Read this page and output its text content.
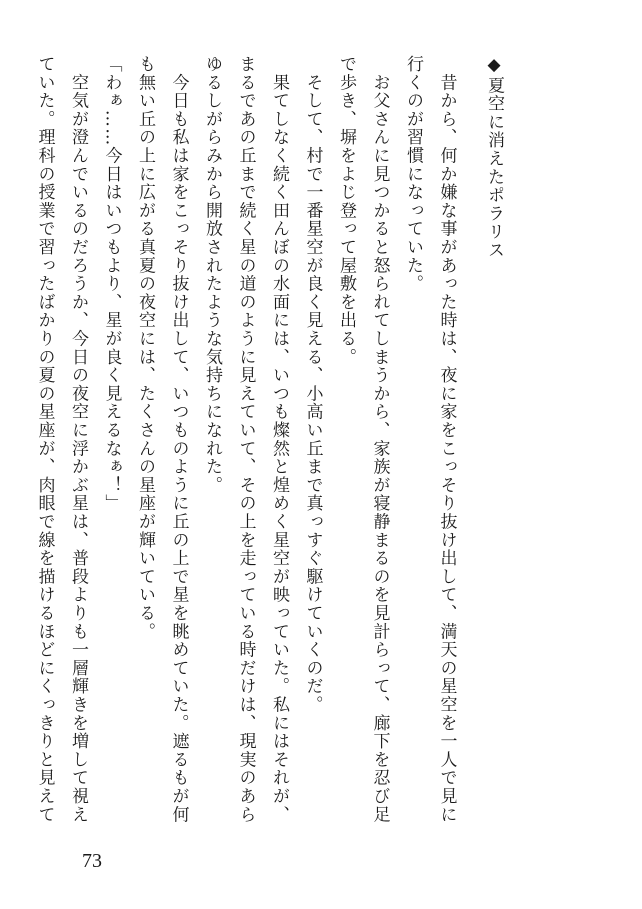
◆夏空に消えたポラリス

　昔から、何か嫌な事があった時は、夜に家をこっそり抜け出して、満天の星空を一人で見に行くのが習慣になっていた。

　お父さんに見つかると怒られてしまうから、家族が寝静まるのを見計らって、廊下を忍び足で歩き、塀をよじ登って屋敷を出る。

　そして、村で一番星空が良く見える、小高い丘まで真っすぐ駆けていくのだ。

　果てしなく続く田んぼの水面には、いつも燦然と煌めく星空が映っていた。私にはそれが、まるであの丘まで続く星の道のように見えていて、その上を走っている時だけは、現実のあらゆるしがらみから開放されたような気持ちになれた。

　今日も私は家をこっそり抜け出して、いつものように丘の上で星を眺めていた。遮るもが何も無い丘の上に広がる真夏の夜空には、たくさんの星座が輝いている。

「わぁ……今日はいつもより、星が良く見えるなぁ！」

　空気が澄んでいるのだろうか、今日の夜空に浮かぶ星は、普段よりも一層輝きを増して視えていた。理科の授業で習ったばかりの夏の星座が、肉眼で線を描けるほどにくっきりと見えて

73
